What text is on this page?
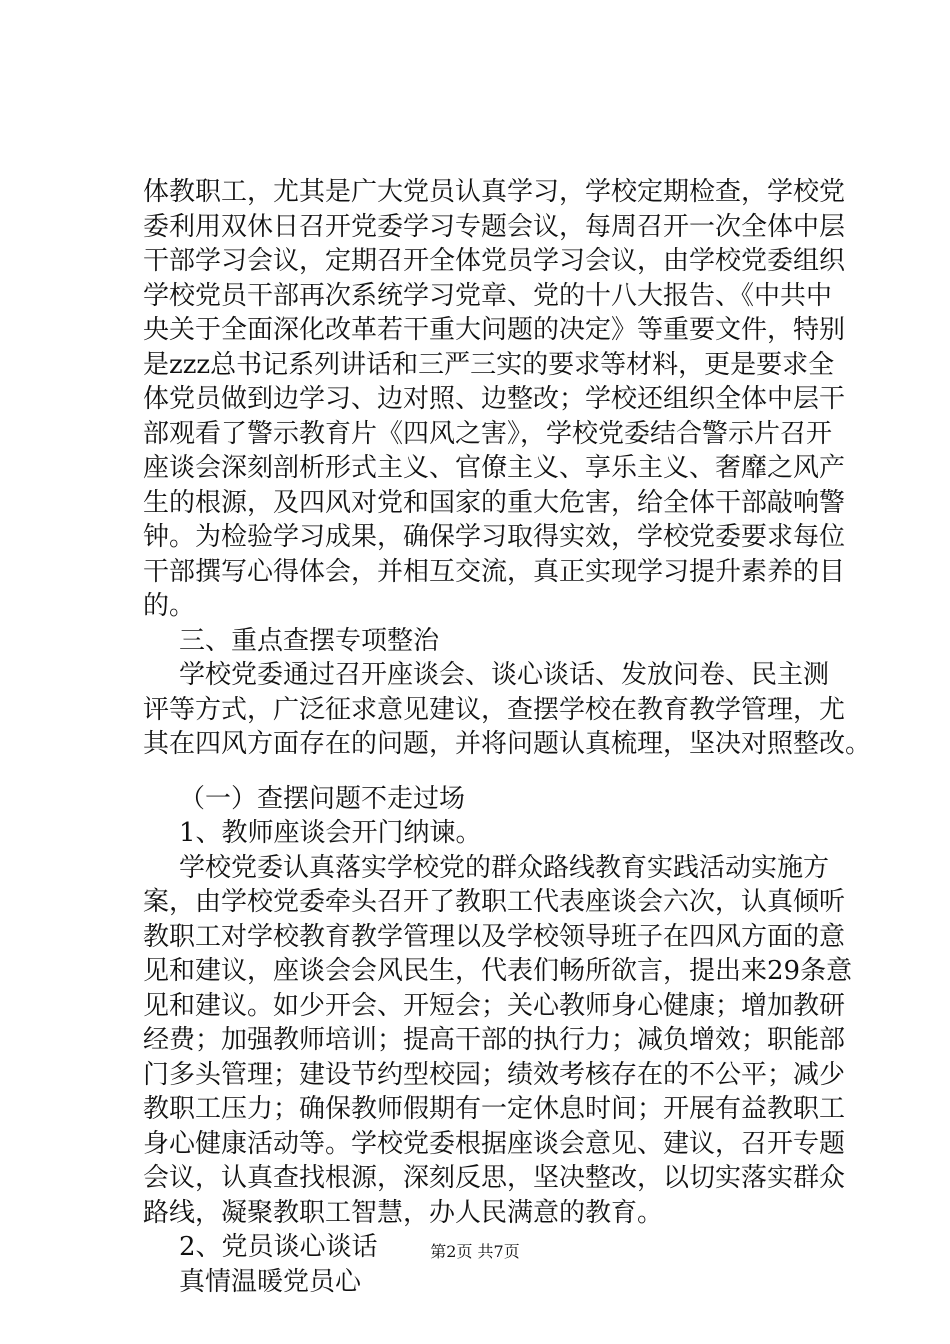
体教职工，尤其是广大党员认真学习，学校定期检查，学校党
委利用双休日召开党委学习专题会议，每周召开一次全体中层
干部学习会议，定期召开全体党员学习会议，由学校党委组织
学校党员干部再次系统学习党章、党的十八大报告、《中共中
央关于全面深化改革若干重大问题的决定》等重要文件，特别
是zzz总书记系列讲话和三严三实的要求等材料，更是要求全
体党员做到边学习、边对照、边整改；学校还组织全体中层干
部观看了警示教育片《四风之害》，学校党委结合警示片召开
座谈会深刻剖析形式主义、官僚主义、享乐主义、奢靡之风产
生的根源，及四风对党和国家的重大危害，给全体干部敲响警
钟。为检验学习成果，确保学习取得实效，学校党委要求每位
干部撰写心得体会，并相互交流，真正实现学习提升素养的目
的。
三、重点查摆专项整治
学校党委通过召开座谈会、谈心谈话、发放问卷、民主测
评等方式，广泛征求意见建议，查摆学校在教育教学管理，尤
其在四风方面存在的问题，并将问题认真梳理，坚决对照整改。
（一）查摆问题不走过场
1、教师座谈会开门纳谏。
学校党委认真落实学校党的群众路线教育实践活动实施方
案，由学校党委牵头召开了教职工代表座谈会六次，认真倾听
教职工对学校教育教学管理以及学校领导班子在四风方面的意
见和建议，座谈会会风民生，代表们畅所欲言，提出来29条意
见和建议。如少开会、开短会；关心教师身心健康；增加教研
经费；加强教师培训；提高干部的执行力；减负增效；职能部
门多头管理；建设节约型校园；绩效考核存在的不公平；减少
教职工压力；确保教师假期有一定休息时间；开展有益教职工
身心健康活动等。学校党委根据座谈会意见、建议，召开专题
会议，认真查找根源，深刻反思，坚决整改，以切实落实群众
路线，凝聚教职工智慧，办人民满意的教育。
2、党员谈心谈话
真情温暖党员心
第2页 共7页
